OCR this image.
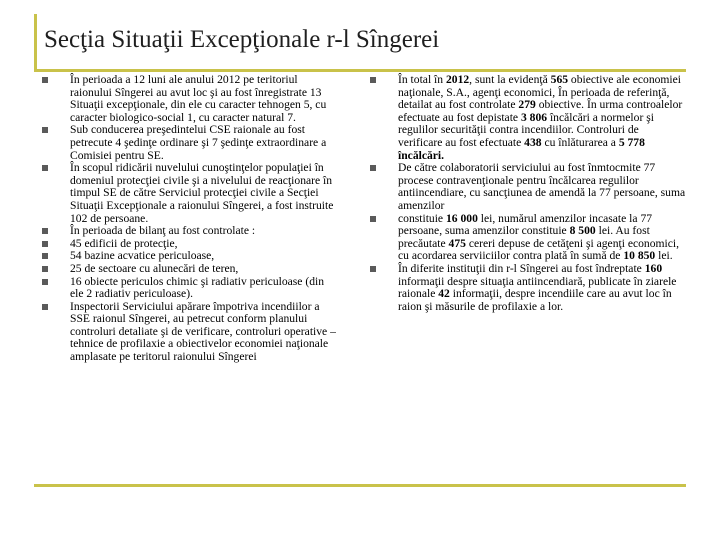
Secţia Situaţii Excepţionale r-l Sîngerei
În perioada a 12 luni ale anului 2012 pe teritoriul raionului Sîngerei au avut loc şi au fost înregistrate 13 Situaţii excepţionale, din ele cu caracter tehnogen 5, cu caracter biologico-social 1, cu caracter natural 7.
Sub conducerea preşedintelui CSE raionale au fost petrecute 4 şedinţe ordinare şi 7 şedinţe extraordinare a Comisiei pentru SE.
În scopul ridicării nuvelului cunoştinţelor populaţiei în domeniul protecţiei civile şi a nivelului de reacţionare în timpul SE de către Serviciul protecţiei civile a Secţiei Situaţii Excepţionale a raionului Sîngerei, a fost instruite 102 de persoane.
În perioada de bilanţ au fost controlate :
45 edificii de protecţie,
54 bazine acvatice periculoase,
25 de sectoare cu alunecări de teren,
16 obiecte periculos chimic şi radiativ periculoase (din ele 2 radiativ periculoase).
Inspectorii Serviciului apărare împotriva incendiilor a SSE raionul Sîngerei, au petrecut conform planului controluri detaliate şi de verificare, controluri operative – tehnice de profilaxie a obiectivelor economiei naţionale amplasate pe teritorul raionului Sîngerei
În total în 2012, sunt la evidenţă 565 obiective ale economiei naţionale, S.A., agenţi economici, În perioada de referinţă, detailat au fost controlate 279 obiective. În urma controalelor efectuate au fost depistate 3 806 încălcări a normelor şi regulilor securităţii contra incendiilor. Controluri de verificare au fost efectuate 438 cu înlăturarea a 5 778 încălcări.
De către colaboratorii serviciului au fost înmtocmite 77 procese contravenţionale pentru încălcarea regulilor antiincendiare, cu sancţiunea de amendă la 77 persoane, suma amenzilor
constituie 16 000 lei, numărul amenzilor incasate la 77 persoane, suma amenzilor constituie 8 500 lei. Au fost precăutate 475 cereri depuse de cetăţeni şi agenţi economici, cu acordarea serviiciilor contra plată în sumă de 10 850 lei.
În diferite instituţii din r-l Sîngerei au fost îndreptate 160 informaţii despre situaţia antiincendiară, publicate în ziarele raionale 42 informaţii, despre incendiile care au avut loc în raion şi măsurile de profilaxie a lor.
